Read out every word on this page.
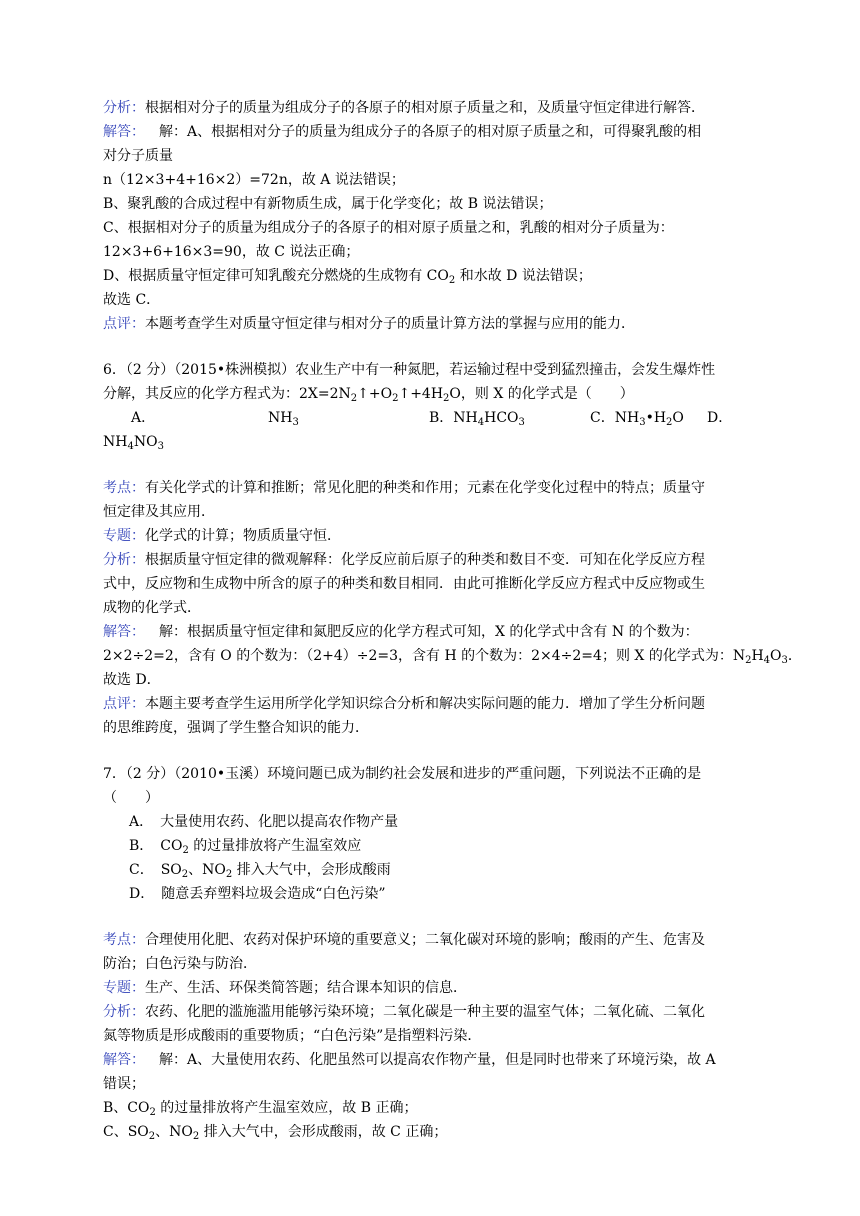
分析：根据相对分子的质量为组成分子的各原子的相对原子质量之和，及质量守恒定律进行解答．
解答： 解：A、根据相对分子的质量为组成分子的各原子的相对原子质量之和，可得聚乳酸的相
对分子质量
n（12×3+4+16×2）=72n，故 A 说法错误；
B、聚乳酸的合成过程中有新物质生成，属于化学变化；故 B 说法错误；
C、根据相对分子的质量为组成分子的各原子的相对原子质量之和，乳酸的相对分子质量为：
12×3+6+16×3=90，故 C 说法正确；
D、根据质量守恒定律可知乳酸充分燃烧的生成物有 $CO_2$ 和水故 D 说法错误；
故选 C．
点评：本题考查学生对质量守恒定律与相对分子的质量计算方法的掌握与应用的能力．
6．（2 分）（2015•株洲模拟）农业生产中有一种氮肥，若运输过程中受到猛烈撞击，会发生爆炸性
分解，其反应的化学方程式为：$2X=2N_2↑+O_2↑+4H_2O$，则 X 的化学式是（　　）
A．	$NH_3$	B．$NH_4HCO_3$	C．$NH_3•H_2O$ D．
$NH_4NO_3$
考点：有关化学式的计算和推断；常见化肥的种类和作用；元素在化学变化过程中的特点；质量守
恒定律及其应用．
专题：化学式的计算；物质质量守恒．
分析：根据质量守恒定律的微观解释：化学反应前后原子的种类和数目不变．可知在化学反应方程
式中，反应物和生成物中所含的原子的种类和数目相同．由此可推断化学反应方程式中反应物或生
成物的化学式．
解答： 解：根据质量守恒定律和氮肥反应的化学方程式可知，X 的化学式中含有 N 的个数为：
2×2÷2=2，含有 O 的个数为：（2+4）÷2=3，含有 H 的个数为：2×4÷2=4；则 X 的化学式为：$N_2H_4O_3$．
故选 D．
点评：本题主要考查学生运用所学化学知识综合分析和解决实际问题的能力．增加了学生分析问题
的思维跨度，强调了学生整合知识的能力．
7．（2 分）（2010•玉溪）环境问题已成为制约社会发展和进步的严重问题，下列说法不正确的是
（　　）
A．　大量使用农药、化肥以提高农作物产量
B．　$CO_2$ 的过量排放将产生温室效应
C．　$SO_2$、$NO_2$ 排入大气中，会形成酸雨
D．　随意丢弃塑料垃圾会造成“白色污染”
考点：合理使用化肥、农药对保护环境的重要意义；二氧化碳对环境的影响；酸雨的产生、危害及
防治；白色污染与防治．
专题：生产、生活、环保类简答题；结合课本知识的信息．
分析：农药、化肥的滥施滥用能够污染环境；二氧化碳是一种主要的温室气体；二氧化硫、二氧化
氮等物质是形成酸雨的重要物质；“白色污染”是指塑料污染．
解答： 解：A、大量使用农药、化肥虽然可以提高农作物产量，但是同时也带来了环境污染，故 A
错误；
B、$CO_2$ 的过量排放将产生温室效应，故 B 正确；
C、$SO_2$、$NO_2$ 排入大气中，会形成酸雨，故 C 正确；
